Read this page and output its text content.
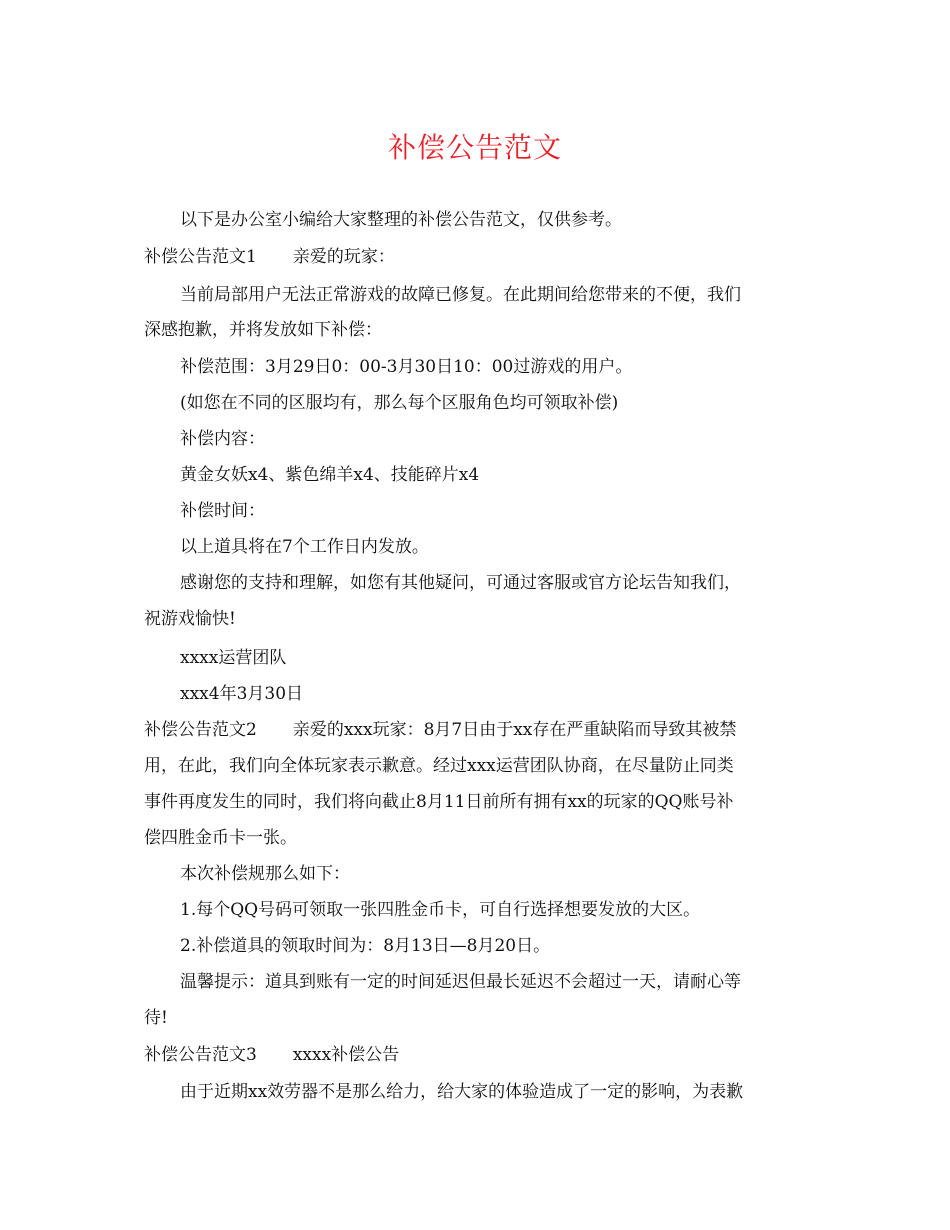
补偿公告范文
以下是办公室小编给大家整理的补偿公告范文，仅供参考。
补偿公告范文1 亲爱的玩家：
当前局部用户无法正常游戏的故障已修复。在此期间给您带来的不便，我们
深感抱歉，并将发放如下补偿：
补偿范围：3月29日0：00-3月30日10：00过游戏的用户。
(如您在不同的区服均有，那么每个区服角色均可领取补偿)
补偿内容：
黄金女妖x4、紫色绵羊x4、技能碎片x4
补偿时间：
以上道具将在7个工作日内发放。
感谢您的支持和理解，如您有其他疑问，可通过客服或官方论坛告知我们，
祝游戏愉快!
xxxx运营团队
xxx4年3月30日
补偿公告范文2 亲爱的xxx玩家：8月7日由于xx存在严重缺陷而导致其被禁
用，在此，我们向全体玩家表示歉意。经过xxx运营团队协商，在尽量防止同类
事件再度发生的同时，我们将向截止8月11日前所有拥有xx的玩家的QQ账号补
偿四胜金币卡一张。
本次补偿规那么如下：
1.每个QQ号码可领取一张四胜金币卡，可自行选择想要发放的大区。
2.补偿道具的领取时间为：8月13日—8月20日。
温馨提示：道具到账有一定的时间延迟但最长延迟不会超过一天，请耐心等
待!
补偿公告范文3 xxxx补偿公告
由于近期xx效劳器不是那么给力，给大家的体验造成了一定的影响，为表歉
